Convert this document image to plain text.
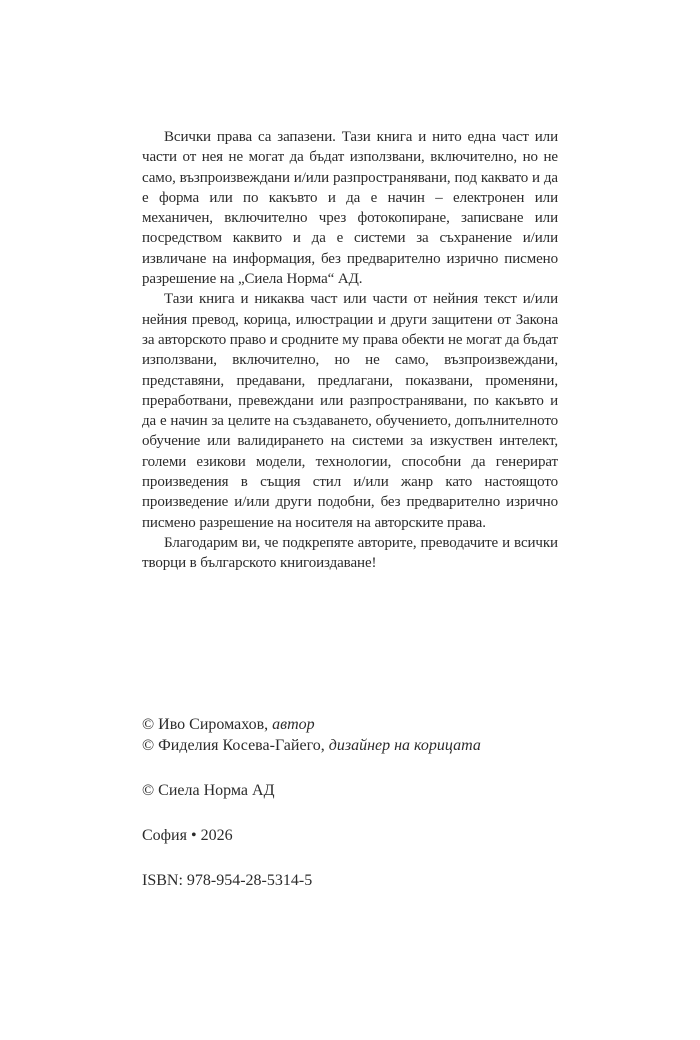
Всички права са запазени. Тази книга и нито една част или части от нея не могат да бъдат използвани, включително, но не само, възпроизвеждани и/или разпространявани, под каквато и да е форма или по какъвто и да е начин – електронен или механичен, включително чрез фотокопиране, записване или посредством каквито и да е системи за съхранение и/или извличане на информация, без предварително изрично писмено разрешение на „Сиела Норма“ АД.

Тази книга и никаква част или части от нейния текст и/или нейния превод, корица, илюстрации и други защитени от Закона за авторското право и сродните му права обекти не могат да бъдат използвани, включително, но не само, възпроизвеждани, представяни, предавани, предлагани, показвани, променяни, преработвани, превеждани или разпространявани, по какъвто и да е начин за целите на създаването, обучението, допълнителното обучение или валидирането на системи за изкуствен интелект, големи езикови модели, технологии, способни да генерират произведения в същия стил и/или жанр като настоящото произведение и/или други подобни, без предварително изрично писмено разрешение на носителя на авторските права.

Благодарим ви, че подкрепяте авторите, преводачите и всички творци в българското книгоиздаване!

© Иво Сиромахов, автор
© Фиделия Косева-Гайего, дизайнер на корицата
© Сиела Норма АД
София • 2026
ISBN: 978-954-28-5314-5
